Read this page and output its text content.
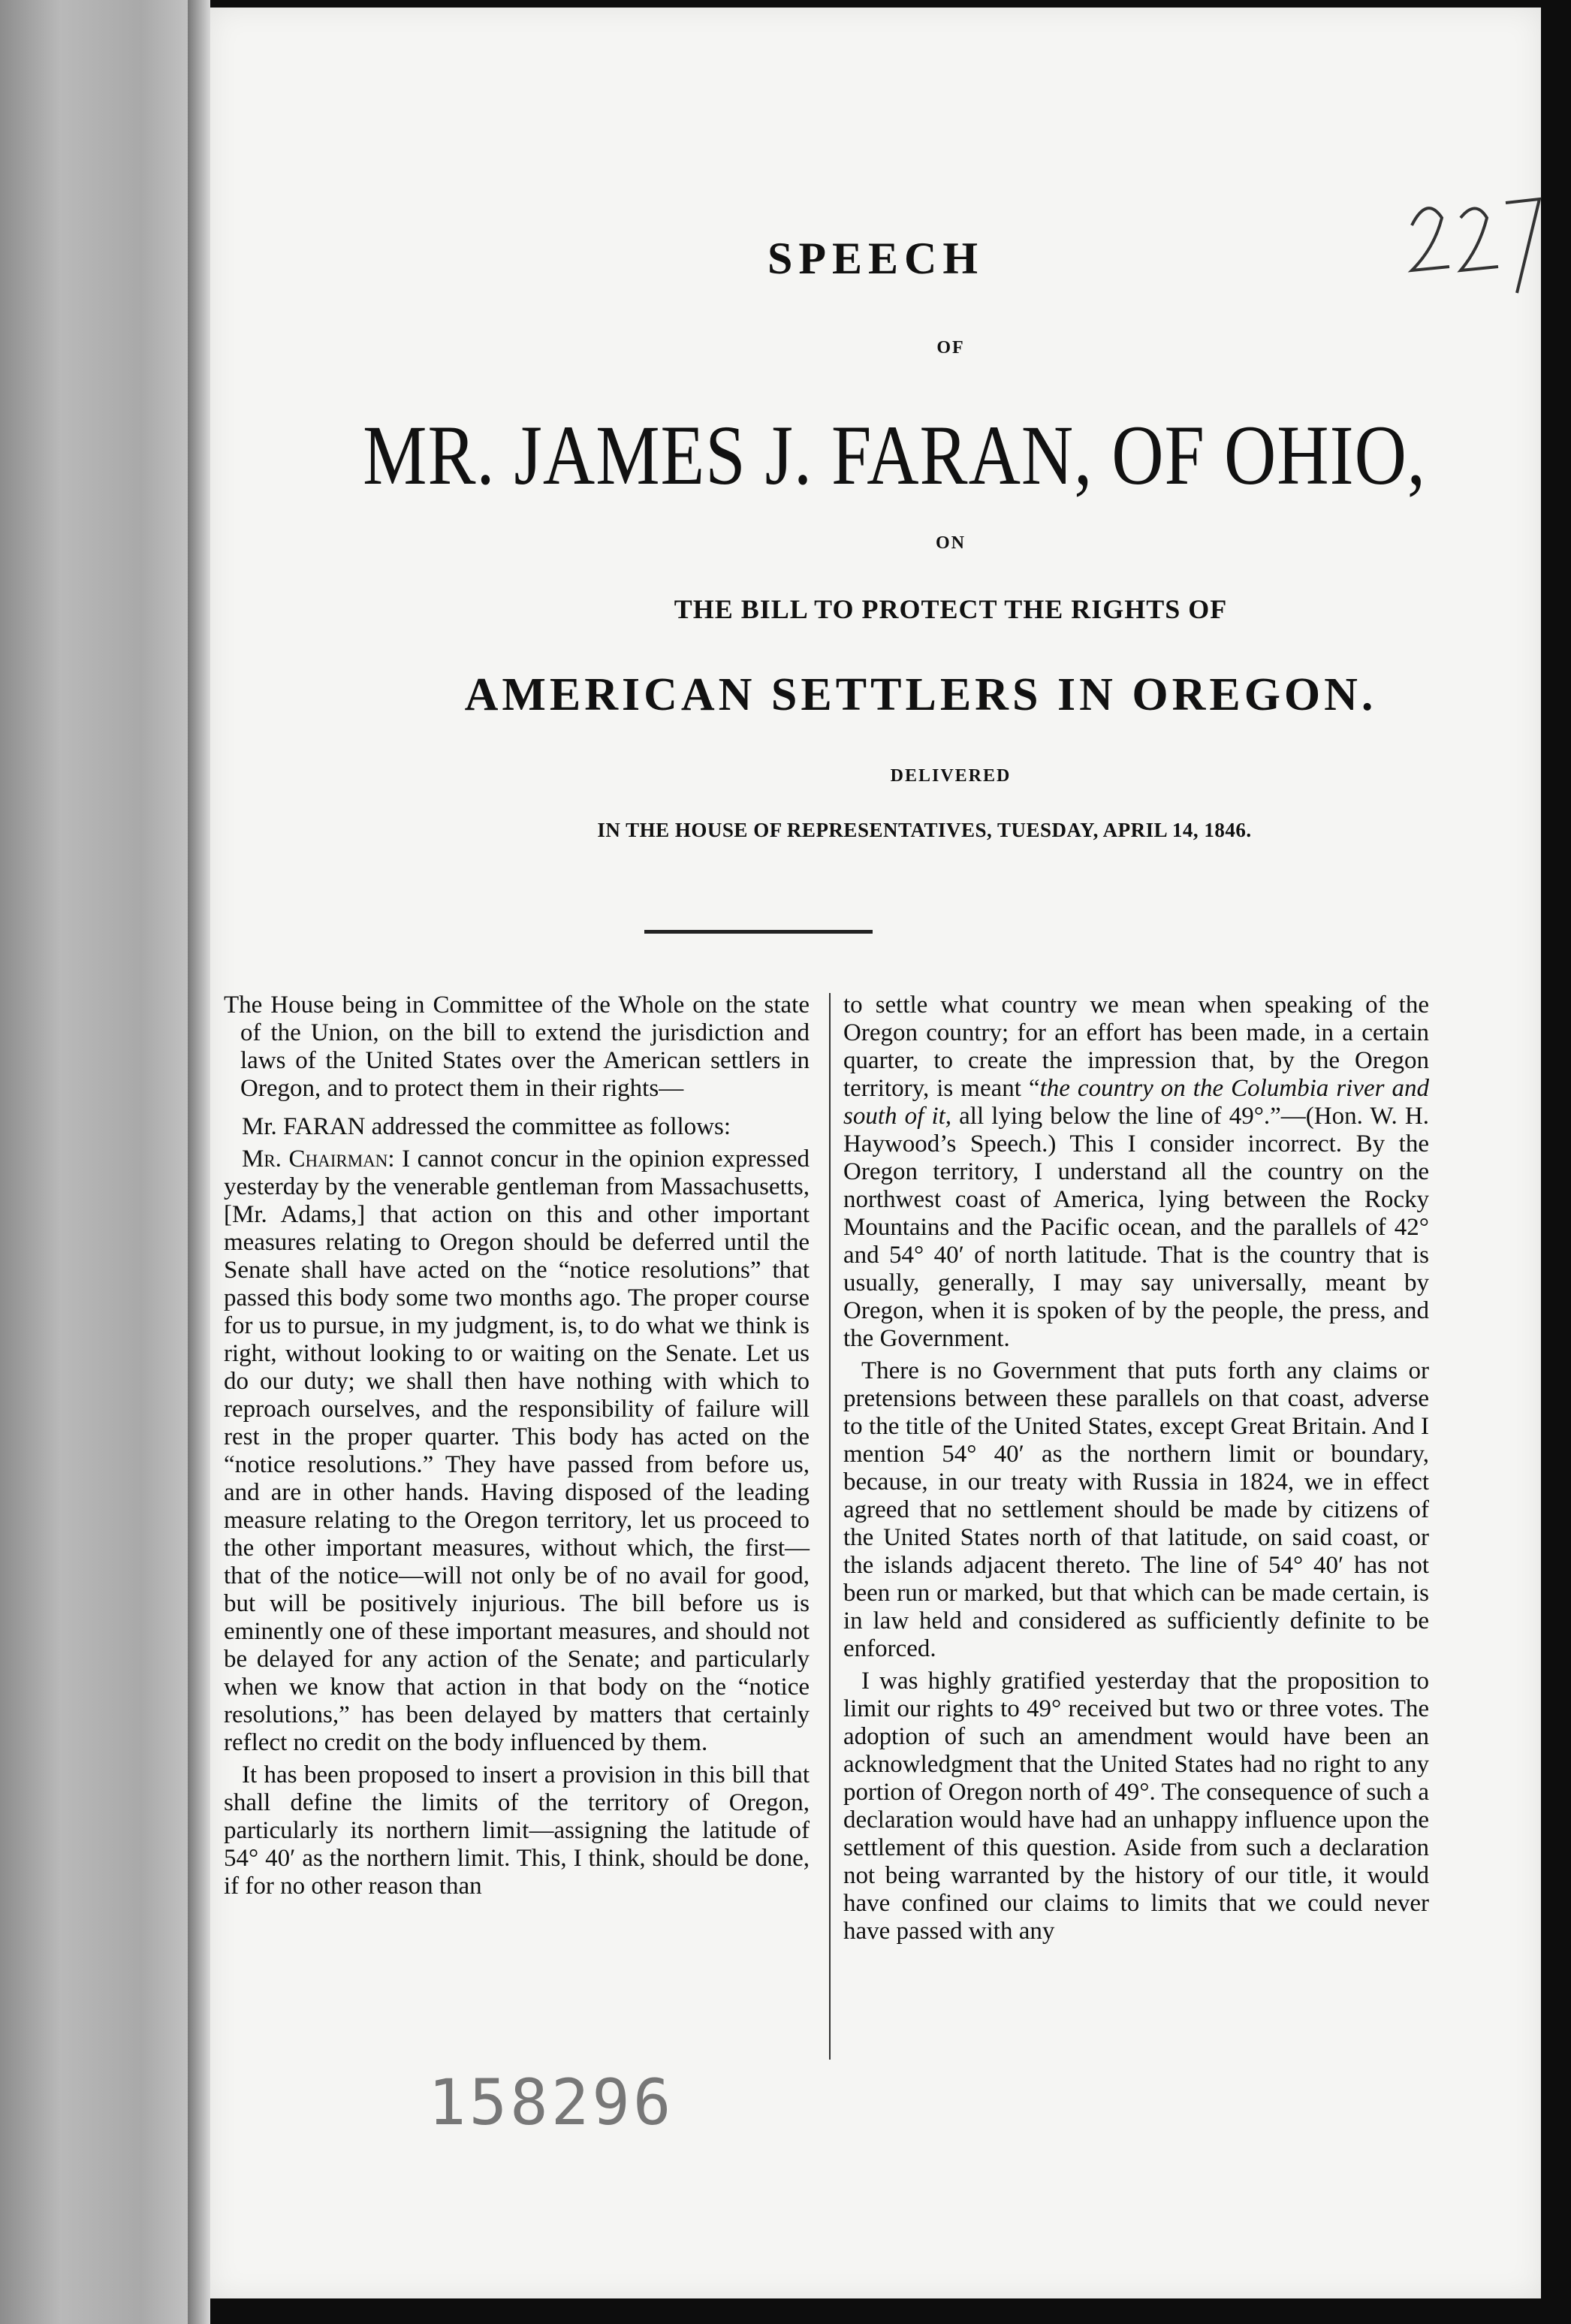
SPEECH
OF
MR. JAMES J. FARAN, OF OHIO,
ON
THE BILL TO PROTECT THE RIGHTS OF
AMERICAN SETTLERS IN OREGON.
DELIVERED
IN THE HOUSE OF REPRESENTATIVES, TUESDAY, APRIL 14, 1846.

The House being in Committee of the Whole on the state of the Union, on the bill to extend the jurisdiction and laws of the United States over the American settlers in Oregon, and to protect them in their rights—

Mr. FARAN addressed the committee as follows:

Mr. Chairman: I cannot concur in the opinion expressed yesterday by the venerable gentleman from Massachusetts, [Mr. Adams,] that action on this and other important measures relating to Oregon should be deferred until the Senate shall have acted on the “notice resolutions” that passed this body some two months ago. The proper course for us to pursue, in my judgment, is, to do what we think is right, without looking to or waiting on the Senate. Let us do our duty; we shall then have nothing with which to reproach ourselves, and the responsibility of failure will rest in the proper quarter. This body has acted on the “notice resolutions.” They have passed from before us, and are in other hands. Having disposed of the leading measure relating to the Oregon territory, let us proceed to the other important measures, without which, the first—that of the notice—will not only be of no avail for good, but will be positively injurious. The bill before us is eminently one of these important measures, and should not be delayed for any action of the Senate; and particularly when we know that action in that body on the “notice resolutions,” has been delayed by matters that certainly reflect no credit on the body influenced by them.

It has been proposed to insert a provision in this bill that shall define the limits of the territory of Oregon, particularly its northern limit—assigning the latitude of 54° 40′ as the northern limit. This, I think, should be done, if for no other reason than

to settle what country we mean when speaking of the Oregon country; for an effort has been made, in a certain quarter, to create the impression that, by the Oregon territory, is meant “the country on the Columbia river and south of it, all lying below the line of 49°.”—(Hon. W. H. Haywood’s Speech.) This I consider incorrect. By the Oregon territory, I understand all the country on the northwest coast of America, lying between the Rocky Mountains and the Pacific ocean, and the parallels of 42° and 54° 40′ of north latitude. That is the country that is usually, generally, I may say universally, meant by Oregon, when it is spoken of by the people, the press, and the Government.

There is no Government that puts forth any claims or pretensions between these parallels on that coast, adverse to the title of the United States, except Great Britain. And I mention 54° 40′ as the northern limit or boundary, because, in our treaty with Russia in 1824, we in effect agreed that no settlement should be made by citizens of the United States north of that latitude, on said coast, or the islands adjacent thereto. The line of 54° 40′ has not been run or marked, but that which can be made certain, is in law held and considered as sufficiently definite to be enforced.

I was highly gratified yesterday that the proposition to limit our rights to 49° received but two or three votes. The adoption of such an amendment would have been an acknowledgment that the United States had no right to any portion of Oregon north of 49°. The consequence of such a declaration would have had an unhappy influence upon the settlement of this question. Aside from such a declaration not being warranted by the history of our title, it would have confined our claims to limits that we could never have passed with any

158296
